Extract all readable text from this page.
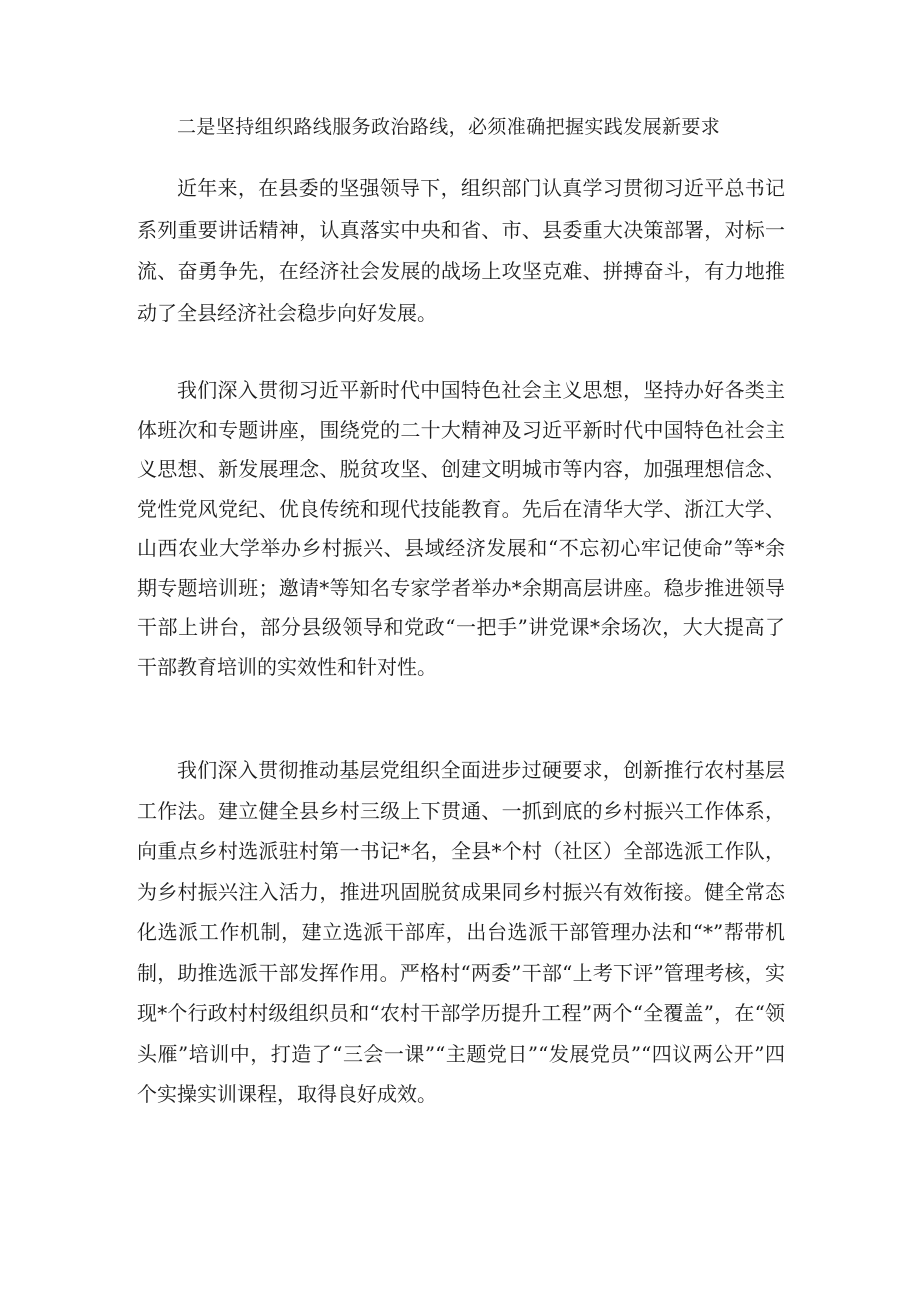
二是坚持组织路线服务政治路线，必须准确把握实践发展新要求

近年来，在县委的坚强领导下，组织部门认真学习贯彻习近平总书记系列重要讲话精神，认真落实中央和省、市、县委重大决策部署，对标一流、奋勇争先，在经济社会发展的战场上攻坚克难、拼搏奋斗，有力地推动了全县经济社会稳步向好发展。

我们深入贯彻习近平新时代中国特色社会主义思想，坚持办好各类主体班次和专题讲座，围绕党的二十大精神及习近平新时代中国特色社会主义思想、新发展理念、脱贫攻坚、创建文明城市等内容，加强理想信念、党性党风党纪、优良传统和现代技能教育。先后在清华大学、浙江大学、山西农业大学举办乡村振兴、县域经济发展和“不忘初心牢记使命”等*余期专题培训班；邀请*等知名专家学者举办*余期高层讲座。稳步推进领导干部上讲台，部分县级领导和党政“一把手”讲党课*余场次，大大提高了干部教育培训的实效性和针对性。

我们深入贯彻推动基层党组织全面进步过硬要求，创新推行农村基层工作法。建立健全县乡村三级上下贯通、一抓到底的乡村振兴工作体系，向重点乡村选派驻村第一书记*名，全县*个村（社区）全部选派工作队，为乡村振兴注入活力，推进巩固脱贫成果同乡村振兴有效衔接。健全常态化选派工作机制，建立选派干部库，出台选派干部管理办法和“*”帮带机制，助推选派干部发挥作用。严格村“两委”干部“上考下评”管理考核，实现*个行政村村级组织员和“农村干部学历提升工程”两个“全覆盖”，在“领头雁”培训中，打造了“三会一课”“主题党日”“发展党员”“四议两公开”四个实操实训课程，取得良好成效。
